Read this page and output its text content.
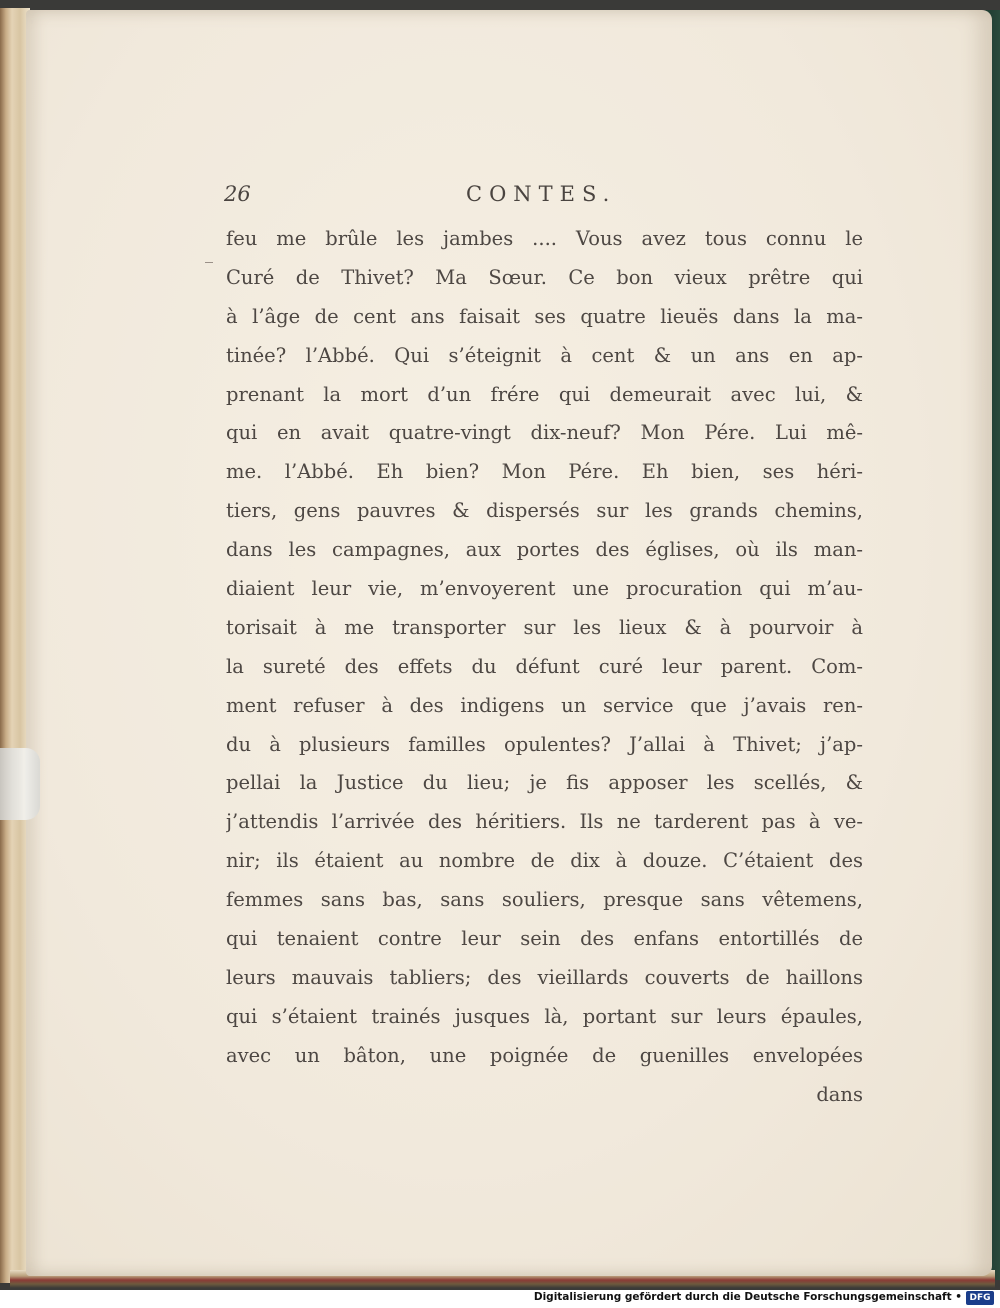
26	CONTES.
feu me brûle les jambes .... Vous avez tous connu le
Curé de Thivet? Ma Sœur. Ce bon vieux prêtre qui
à l’âge de cent ans faisait ses quatre lieuës dans la ma-
tinée? l’Abbé. Qui s’éteignit à cent & un ans en ap-
prenant la mort d’un frére qui demeurait avec lui, &
qui en avait quatre-vingt dix-neuf? Mon Pére. Lui mê-
me. l’Abbé. Eh bien? Mon Pére. Eh bien, ses héri-
tiers, gens pauvres & dispersés sur les grands chemins,
dans les campagnes, aux portes des églises, où ils man-
diaient leur vie, m’envoyerent une procuration qui m’au-
torisait à me transporter sur les lieux & à pourvoir à
la sureté des effets du défunt curé leur parent. Com-
ment refuser à des indigens un service que j’avais ren-
du à plusieurs familles opulentes? J’allai à Thivet; j’ap-
pellai la Justice du lieu; je fis apposer les scellés, &
j’attendis l’arrivée des héritiers. Ils ne tarderent pas à ve-
nir; ils étaient au nombre de dix à douze. C’étaient des
femmes sans bas, sans souliers, presque sans vêtemens,
qui tenaient contre leur sein des enfans entortillés de
leurs mauvais tabliers; des vieillards couverts de haillons
qui s’étaient trainés jusques là, portant sur leurs épaules,
avec un bâton, une poignée de guenilles envelopées
dans
Digitalisierung gefördert durch die Deutsche Forschungsgemeinschaft • DFG
